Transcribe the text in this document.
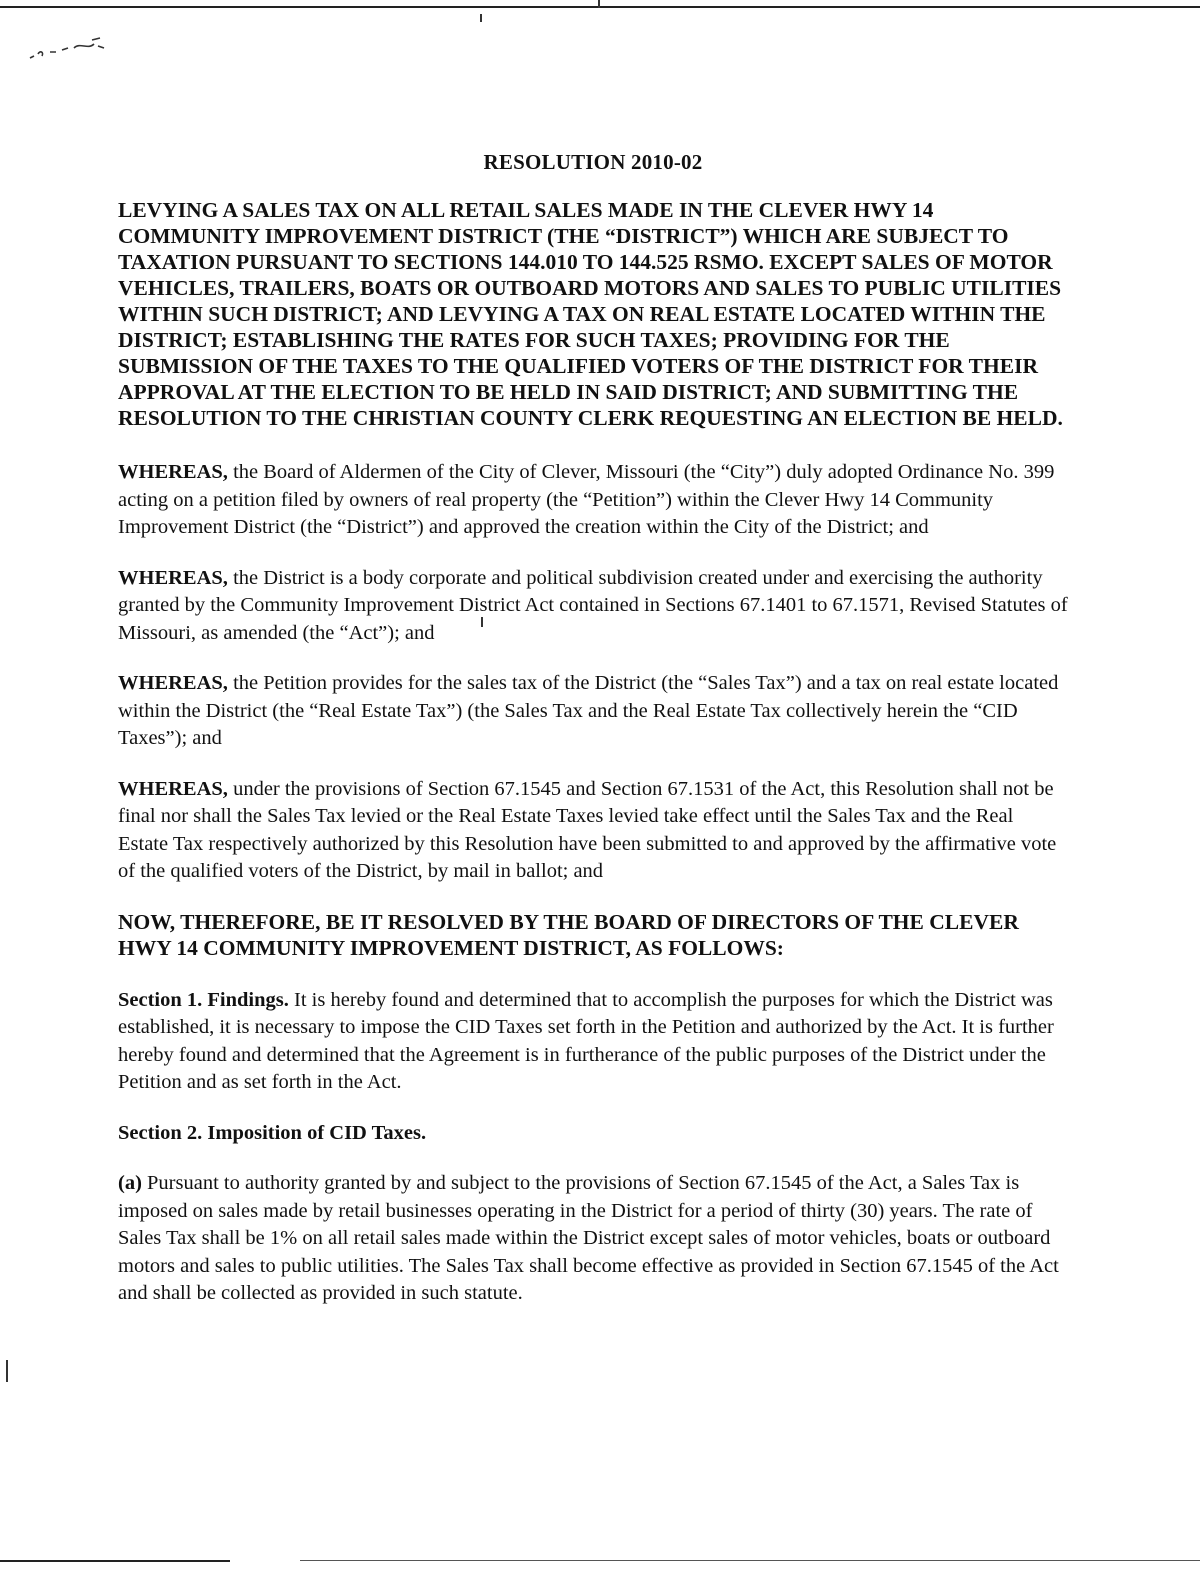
RESOLUTION 2010-02
LEVYING A SALES TAX ON ALL RETAIL SALES MADE IN THE CLEVER HWY 14 COMMUNITY IMPROVEMENT DISTRICT (THE “DISTRICT”) WHICH ARE SUBJECT TO TAXATION PURSUANT TO SECTIONS 144.010 TO 144.525 RSMO. EXCEPT SALES OF MOTOR VEHICLES, TRAILERS, BOATS OR OUTBOARD MOTORS AND SALES TO PUBLIC UTILITIES WITHIN SUCH DISTRICT; AND LEVYING A TAX ON REAL ESTATE LOCATED WITHIN THE DISTRICT; ESTABLISHING THE RATES FOR SUCH TAXES; PROVIDING FOR THE SUBMISSION OF THE TAXES TO THE QUALIFIED VOTERS OF THE DISTRICT FOR THEIR APPROVAL AT THE ELECTION TO BE HELD IN SAID DISTRICT; AND SUBMITTING THE RESOLUTION TO THE CHRISTIAN COUNTY CLERK REQUESTING AN ELECTION BE HELD.

WHEREAS, the Board of Aldermen of the City of Clever, Missouri (the “City”) duly adopted Ordinance No. 399 acting on a petition filed by owners of real property (the “Petition”) within the Clever Hwy 14 Community Improvement District (the “District”) and approved the creation within the City of the District; and

WHEREAS, the District is a body corporate and political subdivision created under and exercising the authority granted by the Community Improvement District Act contained in Sections 67.1401 to 67.1571, Revised Statutes of Missouri, as amended (the “Act”); and

WHEREAS, the Petition provides for the sales tax of the District (the “Sales Tax”) and a tax on real estate located within the District (the “Real Estate Tax”) (the Sales Tax and the Real Estate Tax collectively herein the “CID Taxes”); and

WHEREAS, under the provisions of Section 67.1545 and Section 67.1531 of the Act, this Resolution shall not be final nor shall the Sales Tax levied or the Real Estate Taxes levied take effect until the Sales Tax and the Real Estate Tax respectively authorized by this Resolution have been submitted to and approved by the affirmative vote of the qualified voters of the District, by mail in ballot; and

NOW, THEREFORE, BE IT RESOLVED BY THE BOARD OF DIRECTORS OF THE CLEVER HWY 14 COMMUNITY IMPROVEMENT DISTRICT, AS FOLLOWS:

Section 1. Findings. It is hereby found and determined that to accomplish the purposes for which the District was established, it is necessary to impose the CID Taxes set forth in the Petition and authorized by the Act. It is further hereby found and determined that the Agreement is in furtherance of the public purposes of the District under the Petition and as set forth in the Act.

Section 2. Imposition of CID Taxes.

(a) Pursuant to authority granted by and subject to the provisions of Section 67.1545 of the Act, a Sales Tax is imposed on sales made by retail businesses operating in the District for a period of thirty (30) years. The rate of Sales Tax shall be 1% on all retail sales made within the District except sales of motor vehicles, boats or outboard motors and sales to public utilities. The Sales Tax shall become effective as provided in Section 67.1545 of the Act and shall be collected as provided in such statute.
